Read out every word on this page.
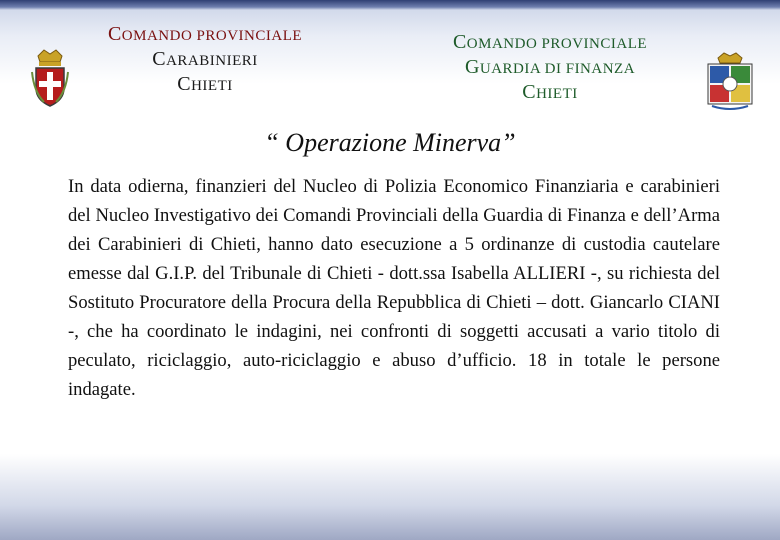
COMANDO PROVINCIALE
CARABINIERI
CHIETI
COMANDO PROVINCIALE
GUARDIA DI FINANZA
CHIETI
“ Operazione Minerva”

In data odierna, finanzieri del Nucleo di Polizia Economico Finanziaria e carabinieri del Nucleo Investigativo dei Comandi Provinciali della Guardia di Finanza e dell’Arma dei Carabinieri di Chieti, hanno dato esecuzione a 5 ordinanze di custodia cautelare emesse dal G.I.P. del Tribunale di Chieti - dott.ssa Isabella ALLIERI -, su richiesta del Sostituto Procuratore della Procura della Repubblica di Chieti – dott. Giancarlo CIANI -, che ha coordinato le indagini, nei confronti di soggetti accusati a vario titolo di peculato, riciclaggio, auto-riciclaggio e abuso d’ufficio. 18 in totale le persone indagate.
